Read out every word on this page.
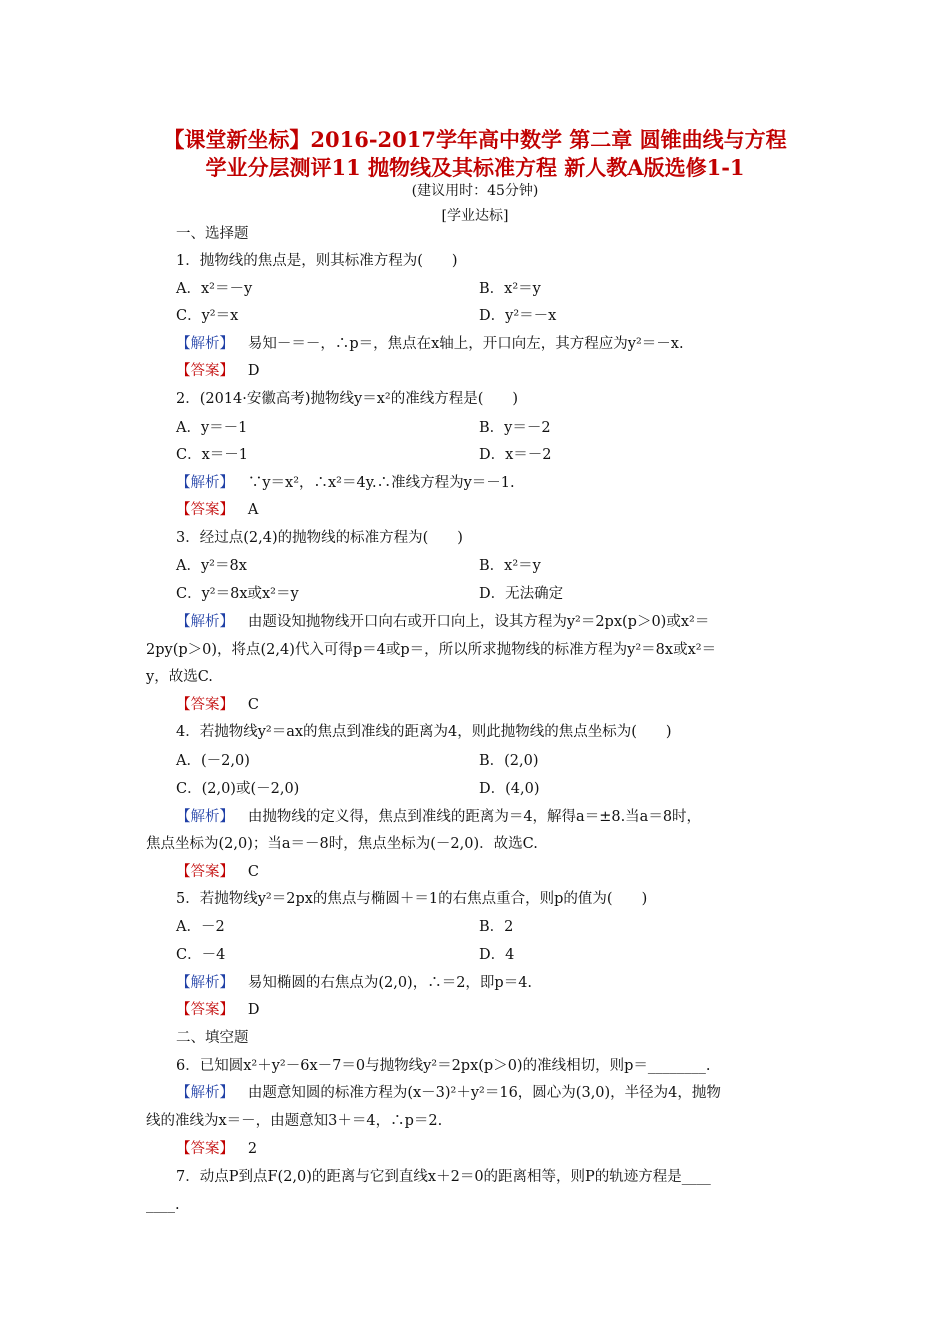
【课堂新坐标】2016-2017学年高中数学 第二章 圆锥曲线与方程
学业分层测评11 抛物线及其标准方程 新人教A版选修1-1
(建议用时：45分钟)
[学业达标]
一、选择题
1．抛物线的焦点是，则其标准方程为(　　)
A．x²＝－y	B．x²＝y
C．y²＝x	D．y²＝－x
【解析】 易知－＝－，∴p＝，焦点在x轴上，开口向左，其方程应为y²＝－x.
【答案】 D
2．(2014·安徽高考)抛物线y＝x²的准线方程是(　　)
A．y＝－1	B．y＝－2
C．x＝－1	D．x＝－2
【解析】 ∵y＝x²，∴x²＝4y.∴准线方程为y＝－1.
【答案】 A
3．经过点(2,4)的抛物线的标准方程为(　　)
A．y²＝8x	B．x²＝y
C．y²＝8x或x²＝y	D．无法确定
【解析】 由题设知抛物线开口向右或开口向上，设其方程为y²＝2px(p＞0)或x²＝
2py(p＞0)，将点(2,4)代入可得p＝4或p＝，所以所求抛物线的标准方程为y²＝8x或x²＝
y，故选C.
【答案】 C
4．若抛物线y²＝ax的焦点到准线的距离为4，则此抛物线的焦点坐标为(　　)
A．(－2,0)	B．(2,0)
C．(2,0)或(－2,0)	D．(4,0)
【解析】 由抛物线的定义得，焦点到准线的距离为＝4，解得a＝±8.当a＝8时，
焦点坐标为(2,0)；当a＝－8时，焦点坐标为(－2,0)．故选C.
【答案】 C
5．若抛物线y²＝2px的焦点与椭圆＋＝1的右焦点重合，则p的值为(　　)
A．－2	B．2
C．－4	D．4
【解析】 易知椭圆的右焦点为(2,0)，∴＝2，即p＝4.
【答案】 D
二、填空题
6．已知圆x²＋y²－6x－7＝0与抛物线y²＝2px(p＞0)的准线相切，则p＝________.
【解析】 由题意知圆的标准方程为(x－3)²＋y²＝16，圆心为(3,0)，半径为4，抛物
线的准线为x＝－，由题意知3＋＝4，∴p＝2.
【答案】 2
7．动点P到点F(2,0)的距离与它到直线x＋2＝0的距离相等，则P的轨迹方程是____
____.
